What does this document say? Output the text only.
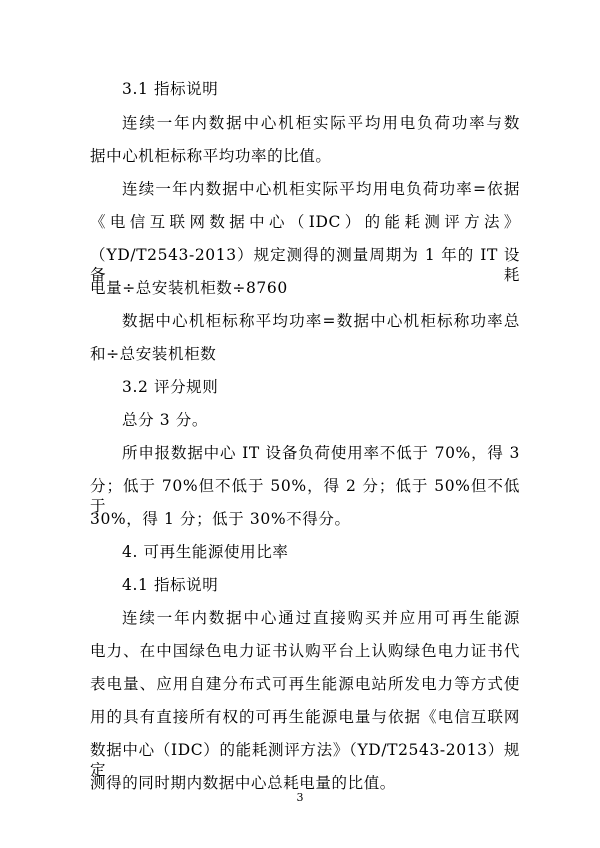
3.1 指标说明
连续一年内数据中心机柜实际平均用电负荷功率与数
据中心机柜标称平均功率的比值。
连续一年内数据中心机柜实际平均用电负荷功率=依据
《电信互联网数据中心（IDC）的能耗测评方法》
（YD/T2543-2013）规定测得的测量周期为 1 年的 IT 设备耗
电量÷总安装机柜数÷8760
数据中心机柜标称平均功率=数据中心机柜标称功率总
和÷总安装机柜数
3.2 评分规则
总分 3 分。
所申报数据中心 IT 设备负荷使用率不低于 70%，得 3
分；低于 70%但不低于 50%，得 2 分；低于 50%但不低于
30%，得 1 分；低于 30%不得分。
4. 可再生能源使用比率
4.1 指标说明
连续一年内数据中心通过直接购买并应用可再生能源
电力、在中国绿色电力证书认购平台上认购绿色电力证书代
表电量、应用自建分布式可再生能源电站所发电力等方式使
用的具有直接所有权的可再生能源电量与依据《电信互联网
数据中心（IDC）的能耗测评方法》（YD/T2543-2013）规定
测得的同时期内数据中心总耗电量的比值。
3
